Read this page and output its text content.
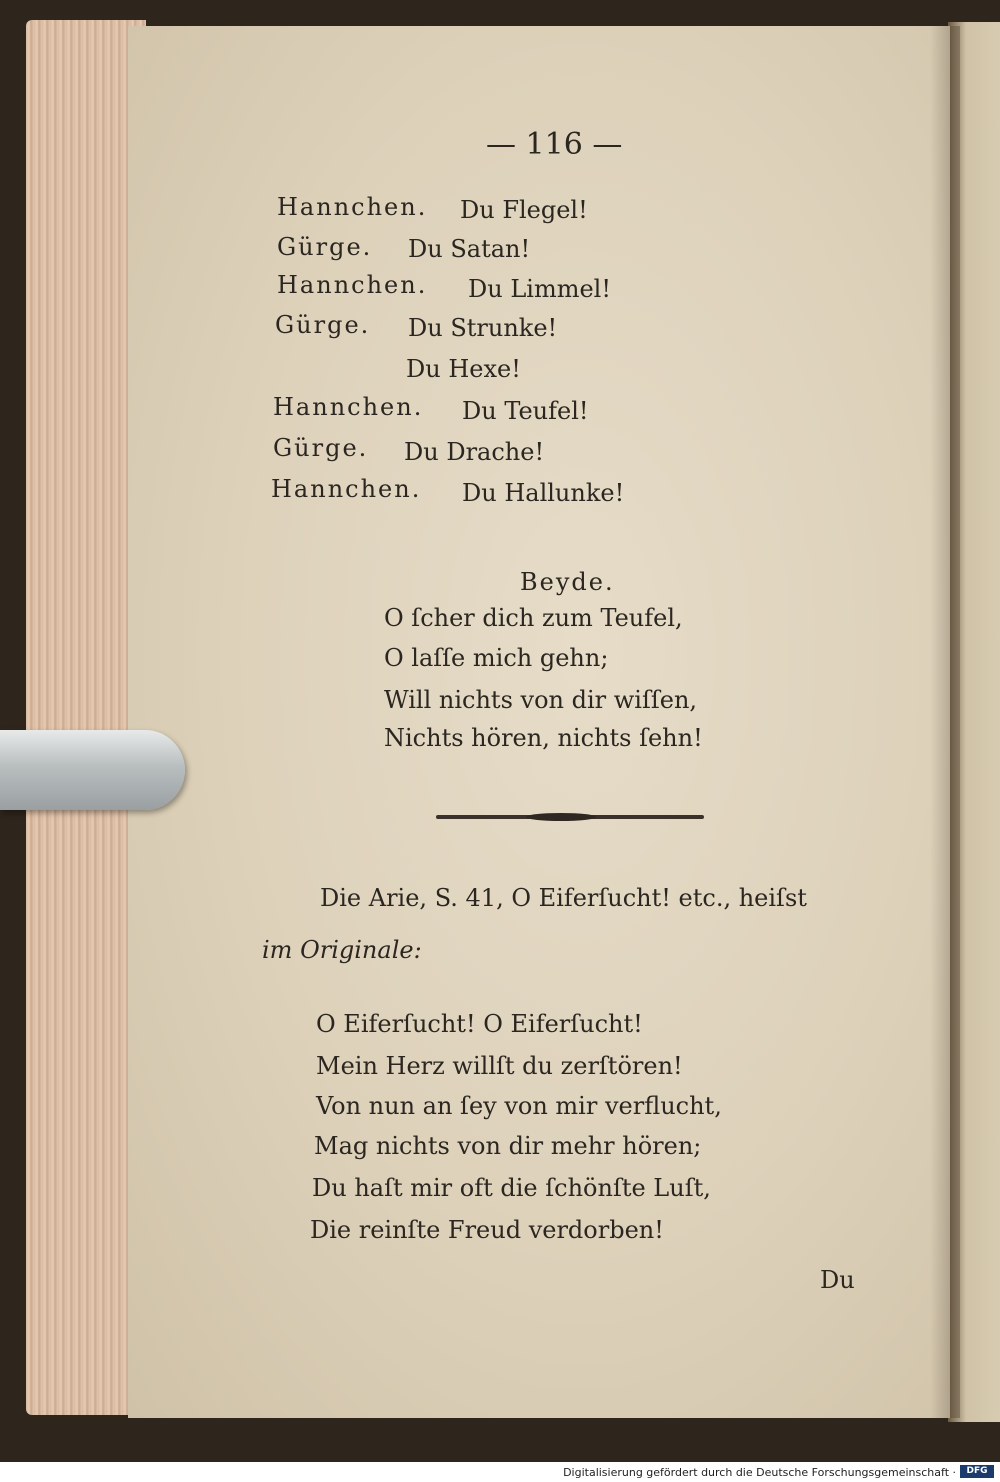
— 116 —
Hannchen. Du Flegel!
Gürge. Du Satan!
Hannchen. Du Limmel!
Gürge. Du Strunke!
Du Hexe!
Hannchen. Du Teufel!
Gürge. Du Drache!
Hannchen. Du Hallunke!
Beyde.
O ſcher dich zum Teufel,
O laſſe mich gehn;
Will nichts von dir wiſſen,
Nichts hören, nichts ſehn!
Die Arie, S. 41, O Eiferſucht! etc., heiſst
im Originale:
O Eiferſucht! O Eiferſucht!
Mein Herz willſt du zerſtören!
Von nun an ſey von mir verflucht,
Mag nichts von dir mehr hören;
Du haſt mir oft die ſchönſte Luſt,
Die reinſte Freud verdorben!
Du
Digitalisierung gefördert durch die Deutsche Forschungsgemeinschaft ·	DFG
